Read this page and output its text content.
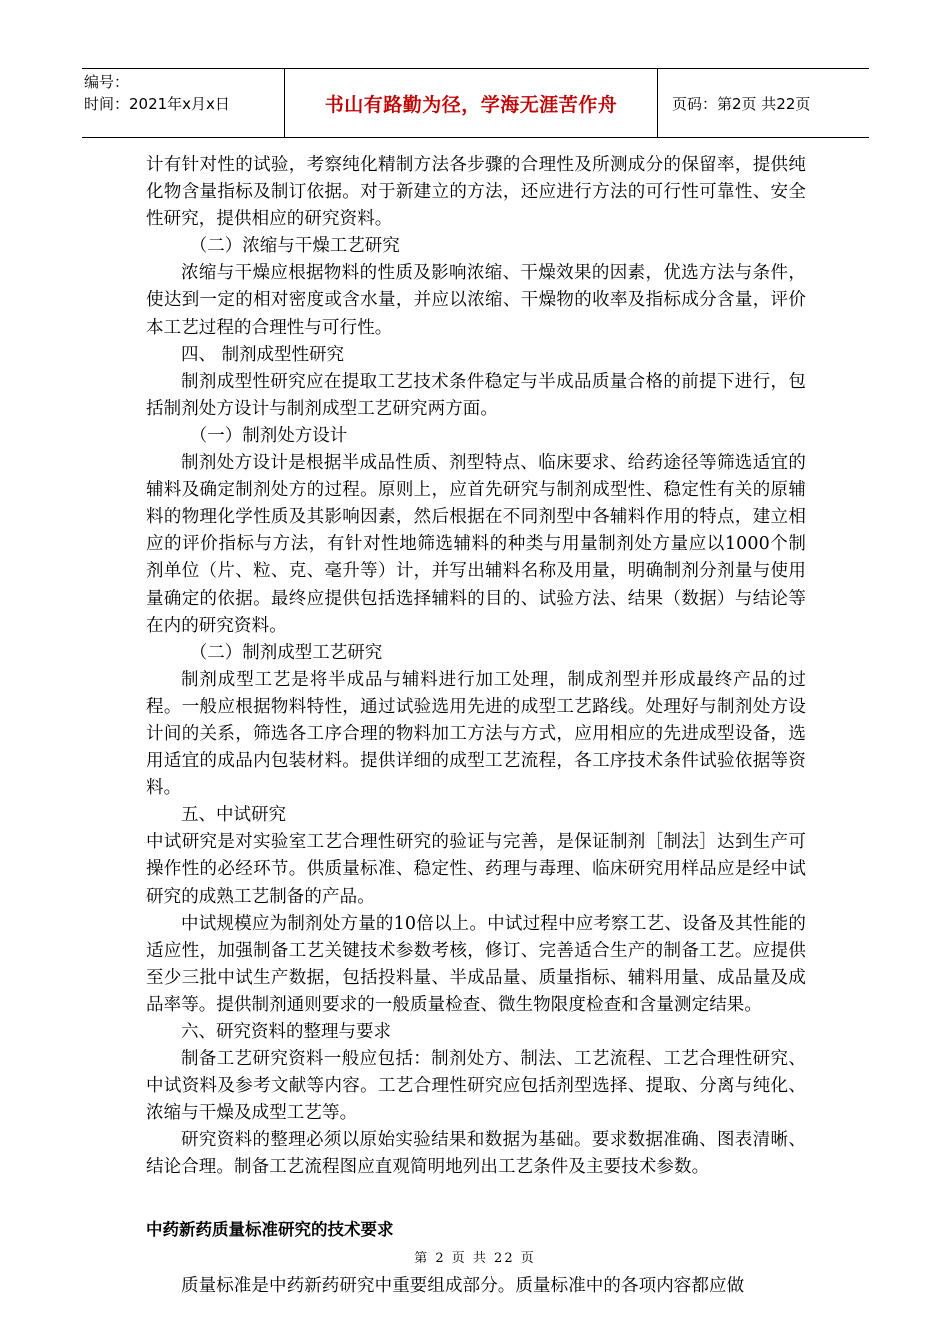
编号：
时间：2021年x月x日	书山有路勤为径，学海无涯苦作舟	页码：第2页 共22页

计有针对性的试验，考察纯化精制方法各步骤的合理性及所测成分的保留率，提供纯化物含量指标及制订依据。对于新建立的方法，还应进行方法的可行性可靠性、安全性研究，提供相应的研究资料。

（二）浓缩与干燥工艺研究

浓缩与干燥应根据物料的性质及影响浓缩、干燥效果的因素，优选方法与条件，使达到一定的相对密度或含水量，并应以浓缩、干燥物的收率及指标成分含量，评价本工艺过程的合理性与可行性。

四、 制剂成型性研究

制剂成型性研究应在提取工艺技术条件稳定与半成品质量合格的前提下进行，包括制剂处方设计与制剂成型工艺研究两方面。

（一）制剂处方设计

制剂处方设计是根据半成品性质、剂型特点、临床要求、给药途径等筛选适宜的辅料及确定制剂处方的过程。原则上，应首先研究与制剂成型性、稳定性有关的原辅料的物理化学性质及其影响因素，然后根据在不同剂型中各辅料作用的特点，建立相应的评价指标与方法，有针对性地筛选辅料的种类与用量制剂处方量应以1000个制剂单位（片、粒、克、毫升等）计，并写出辅料名称及用量，明确制剂分剂量与使用量确定的依据。最终应提供包括选择辅料的目的、试验方法、结果（数据）与结论等在内的研究资料。

（二）制剂成型工艺研究

制剂成型工艺是将半成品与辅料进行加工处理，制成剂型并形成最终产品的过程。一般应根据物料特性，通过试验选用先进的成型工艺路线。处理好与制剂处方设计间的关系，筛选各工序合理的物料加工方法与方式，应用相应的先进成型设备，选用适宜的成品内包装材料。提供详细的成型工艺流程，各工序技术条件试验依据等资料。

五、中试研究

中试研究是对实验室工艺合理性研究的验证与完善，是保证制剂［制法］达到生产可操作性的必经环节。供质量标准、稳定性、药理与毒理、临床研究用样品应是经中试研究的成熟工艺制备的产品。

中试规模应为制剂处方量的10倍以上。中试过程中应考察工艺、设备及其性能的适应性，加强制备工艺关键技术参数考核，修订、完善适合生产的制备工艺。应提供至少三批中试生产数据，包括投料量、半成品量、质量指标、辅料用量、成品量及成品率等。提供制剂通则要求的一般质量检查、微生物限度检查和含量测定结果。

六、研究资料的整理与要求

制备工艺研究资料一般应包括：制剂处方、制法、工艺流程、工艺合理性研究、中试资料及参考文献等内容。工艺合理性研究应包括剂型选择、提取、分离与纯化、浓缩与干燥及成型工艺等。

研究资料的整理必须以原始实验结果和数据为基础。要求数据准确、图表清晰、结论合理。制备工艺流程图应直观简明地列出工艺条件及主要技术参数。

中药新药质量标准研究的技术要求

质量标准是中药新药研究中重要组成部分。质量标准中的各项内容都应做

第 2 页 共 22 页
